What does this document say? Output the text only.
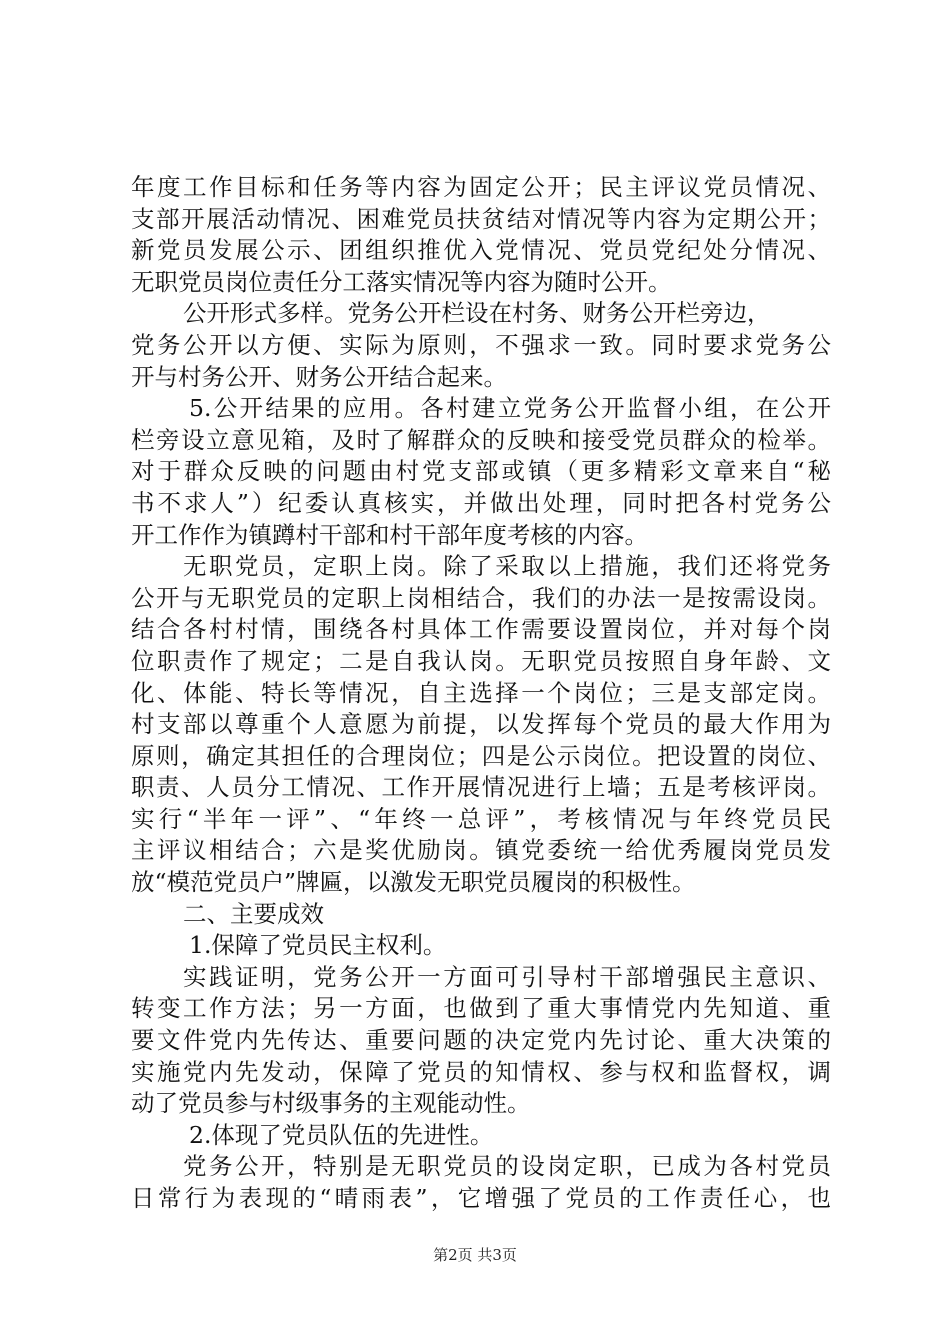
年度工作目标和任务等内容为固定公开；民主评议党员情况、
支部开展活动情况、困难党员扶贫结对情况等内容为定期公开；
新党员发展公示、团组织推优入党情况、党员党纪处分情况、
无职党员岗位责任分工落实情况等内容为随时公开。
公开形式多样。党务公开栏设在村务、财务公开栏旁边，
党务公开以方便、实际为原则，不强求一致。同时要求党务公
开与村务公开、财务公开结合起来。
5.公开结果的应用。各村建立党务公开监督小组，在公开
栏旁设立意见箱，及时了解群众的反映和接受党员群众的检举。
对于群众反映的问题由村党支部或镇（更多精彩文章来自“秘
书不求人”）纪委认真核实，并做出处理，同时把各村党务公
开工作作为镇蹲村干部和村干部年度考核的内容。
无职党员，定职上岗。除了采取以上措施，我们还将党务
公开与无职党员的定职上岗相结合，我们的办法一是按需设岗。
结合各村村情，围绕各村具体工作需要设置岗位，并对每个岗
位职责作了规定；二是自我认岗。无职党员按照自身年龄、文
化、体能、特长等情况，自主选择一个岗位；三是支部定岗。
村支部以尊重个人意愿为前提，以发挥每个党员的最大作用为
原则，确定其担任的合理岗位；四是公示岗位。把设置的岗位、
职责、人员分工情况、工作开展情况进行上墙；五是考核评岗。
实行“半年一评”、“年终一总评”，考核情况与年终党员民
主评议相结合；六是奖优励岗。镇党委统一给优秀履岗党员发
放“模范党员户”牌匾，以激发无职党员履岗的积极性。
二、主要成效
1.保障了党员民主权利。
实践证明，党务公开一方面可引导村干部增强民主意识、
转变工作方法；另一方面，也做到了重大事情党内先知道、重
要文件党内先传达、重要问题的决定党内先讨论、重大决策的
实施党内先发动，保障了党员的知情权、参与权和监督权，调
动了党员参与村级事务的主观能动性。
2.体现了党员队伍的先进性。
党务公开，特别是无职党员的设岗定职，已成为各村党员
日常行为表现的“晴雨表”，它增强了党员的工作责任心，也
第2页 共3页
